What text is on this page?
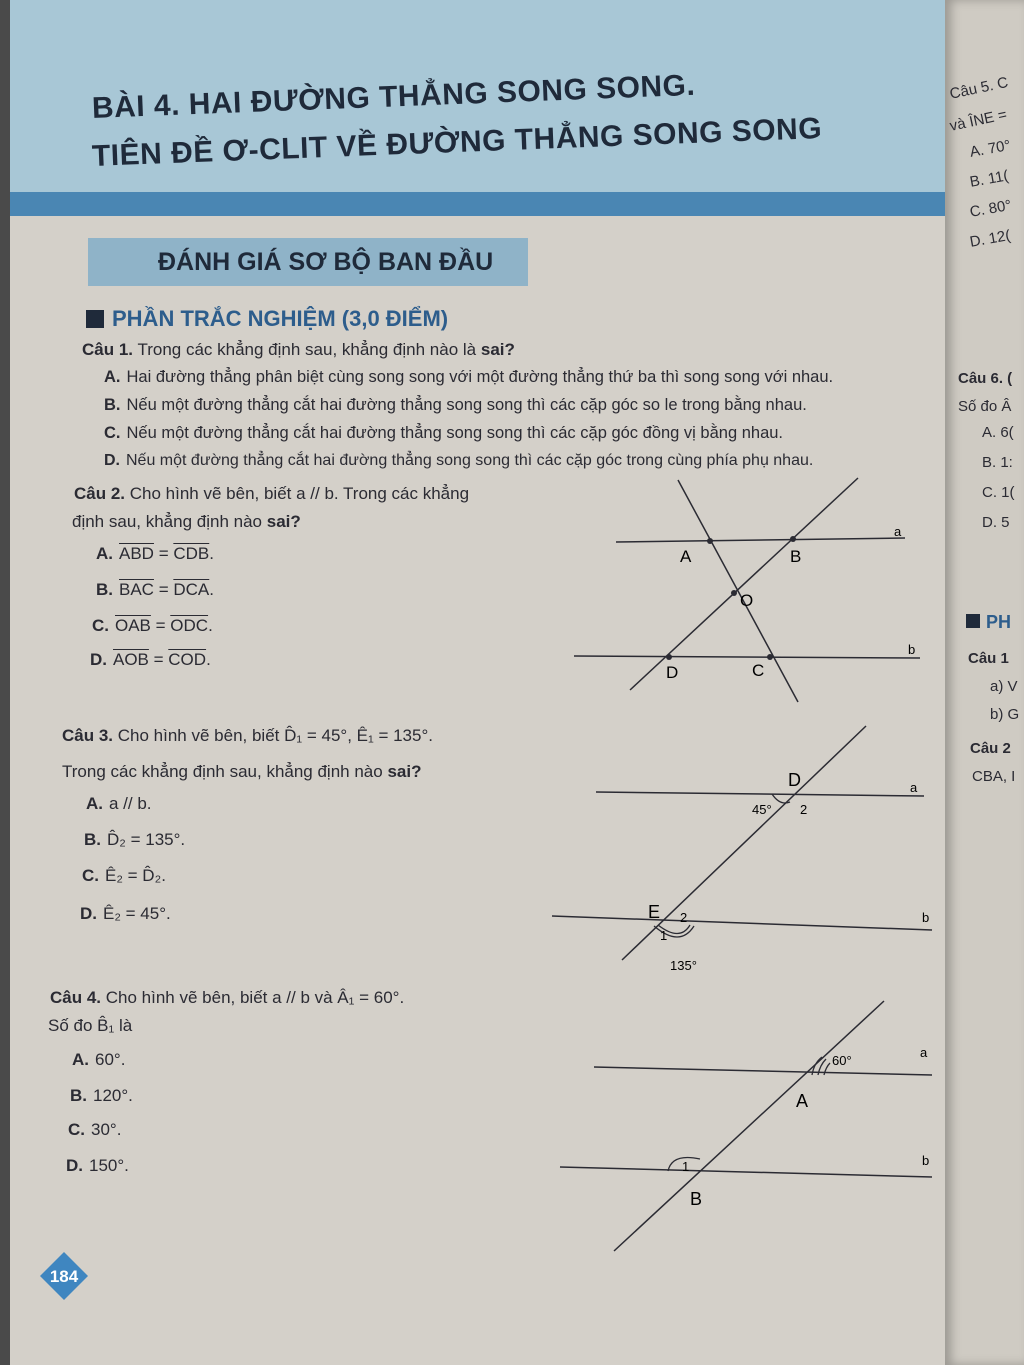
BÀI 4. HAI ĐƯỜNG THẲNG SONG SONG.
TIÊN ĐỀ Ơ-CLIT VỀ ĐƯỜNG THẲNG SONG SONG
ĐÁNH GIÁ SƠ BỘ BAN ĐẦU
PHẦN TRẮC NGHIỆM (3,0 ĐIỂM)
Câu 1. Trong các khẳng định sau, khẳng định nào là sai?
A. Hai đường thẳng phân biệt cùng song song với một đường thẳng thứ ba thì song song với nhau.
B. Nếu một đường thẳng cắt hai đường thẳng song song thì các cặp góc so le trong bằng nhau.
C. Nếu một đường thẳng cắt hai đường thẳng song song thì các cặp góc đồng vị bằng nhau.
D. Nếu một đường thẳng cắt hai đường thẳng song song thì các cặp góc trong cùng phía phụ nhau.
Câu 2. Cho hình vẽ bên, biết a // b. Trong các khẳng
định sau, khẳng định nào sai?
A. $\overline{ABD} = \overline{CDB}$.
B. $\overline{BAC} = \overline{DCA}$.
C. $\overline{OAB} = \overline{ODC}$.
D. $\overline{AOB} = \overline{COD}$.
A	B
O
D	C
a
b
Câu 3. Cho hình vẽ bên, biết D̂₁ = 45°, Ê₁ = 135°.
Trong các khẳng định sau, khẳng định nào sai?
A. a // b.
B. D̂₂ = 135°.
C. Ê₂ = D̂₂.
D. Ê₂ = 45°.
D
45° 2
E 2
1
135°
a
b
Câu 4. Cho hình vẽ bên, biết a // b và Â₁ = 60°.
Số đo B̂₁ là
A. 60°.
B. 120°.
C. 30°.
D. 150°.
60°
A
1
B
a
b
Câu 5. C
và ÎNE =
A. 70°
B. 11(
C. 80°
D. 12(
Câu 6. (
Số đo Â
A. 6(
B. 1:
C. 1(
D. 5
PH
Câu 1
a) V
b) G
Câu 2
CBA, I
184
